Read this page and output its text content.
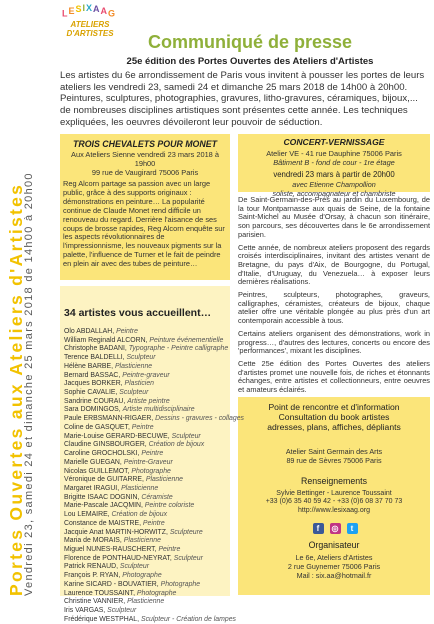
Portes Ouvertes aux Ateliers d'Artistes
Vendredi 23, samedi 24 et dimanche 25 mars 2018 de 14h00 à 20h00
LESIXAAG
ATELIERS D'ARTISTES	Communiqué de presse
25e édition des Portes Ouvertes des Ateliers d'Artistes
Les artistes du 6e arrondissement de Paris vous invitent à pousser les portes de leurs ateliers les vendredi 23, samedi 24 et dimanche 25 mars 2018 de 14h00 à 20h00. Peintures, sculptures, photographies, gravures, litho-gravures, céramiques, bijoux,... de nombreuses disciplines artistiques sont présentes cette année. Les techniques expliquées, les oeuvres dévoileront leur pouvoir de séduction.
TROIS CHEVALETS POUR MONET
Aux Ateliers Sienne vendredi 23 mars 2018 à 19h00
99 rue de Vaugirard 75006 Paris
Reg Alcorn partage sa passion avec un large public, grâce à des supports originaux : démonstrations en peinture… La popularité continue de Claude Monet rend difficile un renouveau du regard. Derrière l'aisance de ses coups de brosse rapides, Reg Alcorn enquête sur les aspects révolutionnaires de l'impressionnisme, les nouveaux pigments sur la palette, l'influence de Turner et le fait de peindre en plein air avec des tubes de peinture…
CONCERT-VERNISSAGE
Atelier VE - 41 rue Dauphine 75006 Paris
Bâtiment B - fond de cour - 1re étage
vendredi 23 mars à partir de 20h00
avec Etienne Champollion
soliste, accompagnateur et chambriste
34 artistes vous accueillent…
Olo ABDALLAH, Peintre
William Reginald ALCORN, Peinture événementielle
Christophe BADANI, Typographe - Peintre calligraphe
Terence BALDELLI, Sculpteur
Hélène BARBE, Plasticienne
Bernard BASSAC, Peintre-graveur
Jacques BORKER, Plasticien
Sophie CAVALIE, Sculpteur
Sandrine COURAU, Artiste peintre
Sara DOMINGOS, Artiste multidisciplinaire
Paule ERBSMANN-RIGAER, Dessins - gravures - collages
Coline de GASQUET, Peintre
Marie-Louise GERARD-BECUWE, Sculpteur
Claudine GINSBOURGER, Création de bijoux
Caroline GROCHOLSKI, Peintre
Marielle GUEGAN, Peintre-Graveur
Nicolas GUILLEMOT, Photographe
Véronique de GUITARRE, Plasticienne
Margaret IRAGUI, Plasticienne
Brigitte ISAAC DOGNIN, Céramiste
Marie-Pascale JACQMIN, Peintre coloriste
Lou LEMAIRE, Création de bijoux
Constance de MAISTRE, Peintre
Jacquie Anat MARTIN-HORWITZ, Sculpteure
Maria de MORAIS, Plasticienne
Miguel NUNES-RAUSCHERT, Peintre
Florence de PONTHAUD-NEYRAT, Sculpteur
Patrick RENAUD, Sculpteur
François P. RYAN, Photographe
Karine SICARD - BOUVATIER, Photographe
Laurence TOUSSAINT, Photographe
Christine VANNIER, Plasticienne
Iris VARGAS, Sculpteur
Frédérique WESTPHAL, Sculpteur - Création de lampes

De Saint-Germain-des-Prés au jardin du Luxembourg, de la tour Montparnasse aux quais de Seine, de la fontaine Saint-Michel au Musée d'Orsay, à chacun son itinéraire, son parcours, ses découvertes dans le 6e arrondissement parisien.

Cette année, de nombreux ateliers proposent des regards croisés interdisciplinaires, invitant des artistes venant de Bretagne, du pays d'Aix, de Bourgogne, du Portugal, d'Italie, d'Uruguay, du Venezuela… à exposer leurs dernières réalisations.

Peintres, sculpteurs, photographes, graveurs, calligraphes, céramistes, créateurs de bijoux, chaque atelier offre une véritable plongée au plus près d'un art contemporain accessible à tous.

Certains ateliers organisent des démonstrations, work in progress…, d'autres des lectures, concerts ou encore des 'performances', mixant les disciplines.

Cette 25e édition des Portes Ouvertes des ateliers d'artistes promet une nouvelle fois, de riches et étonnants échanges, entre artistes et collectionneurs, entre oeuvres et amateurs éclairés.

Point de rencontre et d'information
Consultation du book artistes
adresses, plans, affiches, dépliants
Atelier Saint Germain des Arts
89 rue de Sèvres 75006 Paris
Renseignements
Sylvie Bettinger - Laurence Toussaint
+33 (0)6 35 40 59 42 - +33 (0)6 08 37 70 73
http://www.lesixaag.org
f ◎ t
Organisateur
Le 6e, Ateliers d'Artistes
2 rue Guynemer 75006 Paris
Mail : six.aa@hotmail.fr
